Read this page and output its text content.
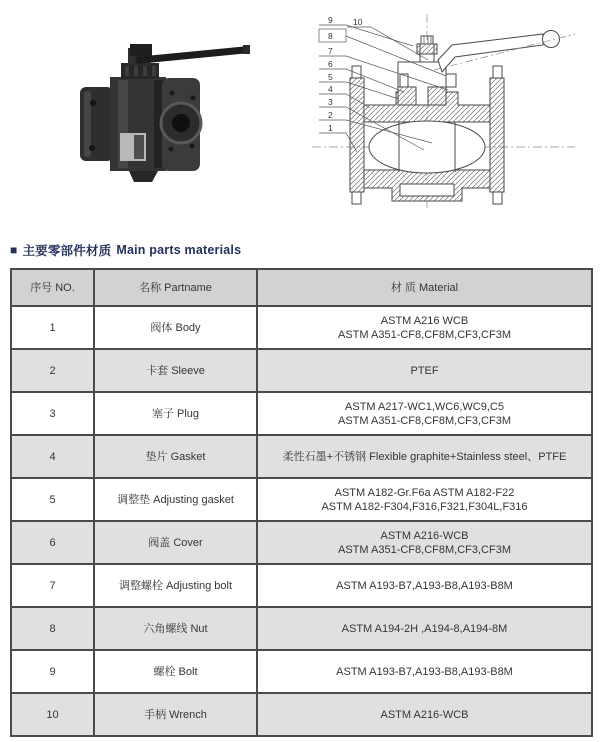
9 10
8
7
6
5
4
3
2
1
■ 主要零部件材质 Main parts materials
序号 NO.	名称 Partname	材 质 Material
1	阀体 Body	ASTM A216 WCB
ASTM A351-CF8,CF8M,CF3,CF3M

2	卡套 Sleeve	PTEF

3	塞子 Plug	ASTM A217-WC1,WC6,WC9,C5
ASTM A351-CF8,CF8M,CF3,CF3M

4	垫片 Gasket	柔性石墨+不锈钢 Flexible graphite+Stainless steel、PTFE

5	调整垫 Adjusting gasket	ASTM A182-Gr.F6a ASTM A182-F22
ASTM A182-F304,F316,F321,F304L,F316

6	阀盖 Cover	ASTM A216-WCB
ASTM A351-CF8,CF8M,CF3,CF3M

7	调整螺栓 Adjusting bolt	ASTM A193-B7,A193-B8,A193-B8M

8	六角螺线 Nut	ASTM A194-2H ,A194-8,A194-8M

9	螺栓 Bolt	ASTM A193-B7,A193-B8,A193-B8M

10	手柄 Wrench	ASTM A216-WCB
